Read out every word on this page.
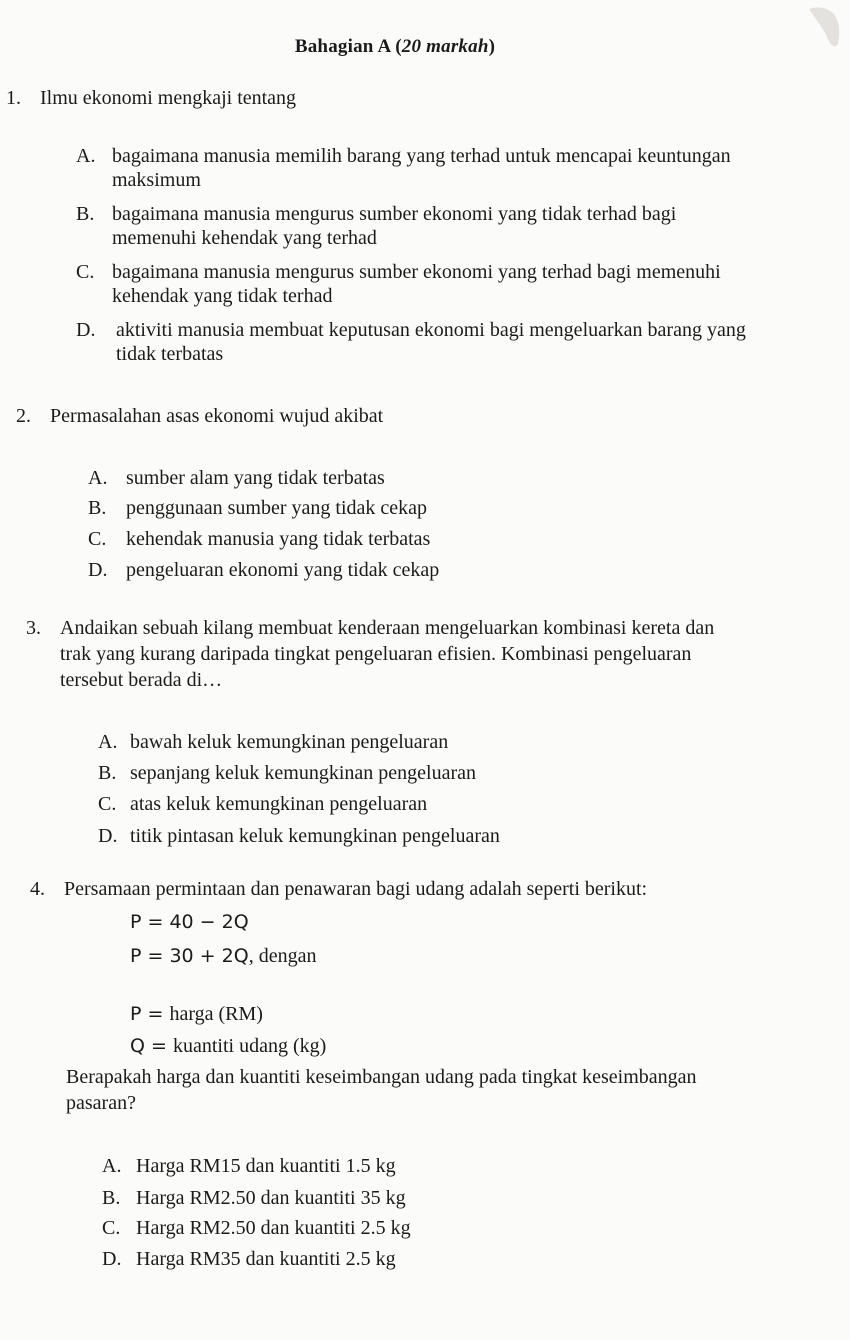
Bahagian A (20 markah)
1. Ilmu ekonomi mengkaji tentang
A. bagaimana manusia memilih barang yang terhad untuk mencapai keuntungan
maksimum
B. bagaimana manusia mengurus sumber ekonomi yang tidak terhad bagi
memenuhi kehendak yang terhad
C. bagaimana manusia mengurus sumber ekonomi yang terhad bagi memenuhi
kehendak yang tidak terhad
D.	aktiviti manusia membuat keputusan ekonomi bagi mengeluarkan barang yang
tidak terbatas
2. Permasalahan asas ekonomi wujud akibat
A. sumber alam yang tidak terbatas
B. penggunaan sumber yang tidak cekap
C. kehendak manusia yang tidak terbatas
D. pengeluaran ekonomi yang tidak cekap
3. Andaikan sebuah kilang membuat kenderaan mengeluarkan kombinasi kereta dan
trak yang kurang daripada tingkat pengeluaran efisien. Kombinasi pengeluaran
tersebut berada di…
A. bawah keluk kemungkinan pengeluaran
B. sepanjang keluk kemungkinan pengeluaran
C. atas keluk kemungkinan pengeluaran
D. titik pintasan keluk kemungkinan pengeluaran
4. Persamaan permintaan dan penawaran bagi udang adalah seperti berikut:
P = 40 − 2Q
P = 30 + 2Q, dengan
P = harga (RM)
Q = kuantiti udang (kg)
Berapakah harga dan kuantiti keseimbangan udang pada tingkat keseimbangan
pasaran?
A. Harga RM15 dan kuantiti 1.5 kg
B. Harga RM2.50 dan kuantiti 35 kg
C. Harga RM2.50 dan kuantiti 2.5 kg
D. Harga RM35 dan kuantiti 2.5 kg
